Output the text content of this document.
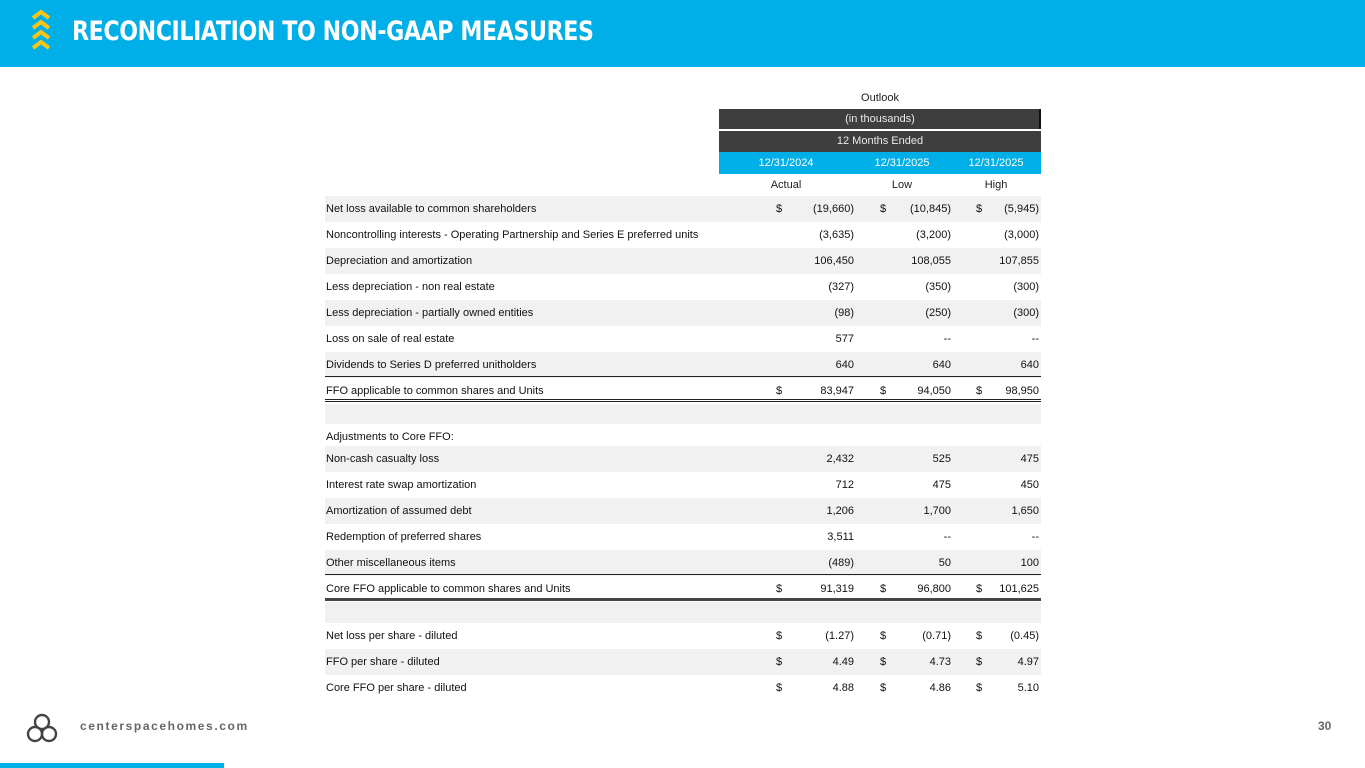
RECONCILIATION TO NON-GAAP MEASURES
Outlook
(in thousands)
12 Months Ended
12/31/2024	12/31/2025	12/31/2025
Actual	Low	High
Net loss available to common shareholders	$	(19,660) $ (10,845) $ (5,945)
Noncontrolling interests - Operating Partnership and Series E preferred units	(3,635)	(3,200)	(3,000)
Depreciation and amortization	106,450	108,055	107,855
Less depreciation - non real estate	(327)	(350)	(300)
Less depreciation - partially owned entities	(98)	(250)	(300)
Loss on sale of real estate	577	--	--
Dividends to Series D preferred unitholders	640	640	640
FFO applicable to common shares and Units	$	83,947 $	94,050 $ 98,950
Adjustments to Core FFO:
Non-cash casualty loss	2,432	525	475
Interest rate swap amortization	712	475	450
Amortization of assumed debt	1,206	1,700	1,650
Redemption of preferred shares	3,511	--	--
Other miscellaneous items	(489)	50	100
Core FFO applicable to common shares and Units	$	91,319 $	96,800 $ 101,625
Net loss per share - diluted	$	(1.27) $	(0.71) $	(0.45)
FFO per share - diluted	$	4.49 $	4.73 $	4.97
Core FFO per share - diluted	$	4.88 $	4.86 $	5.10
centerspacehomes.com	30
